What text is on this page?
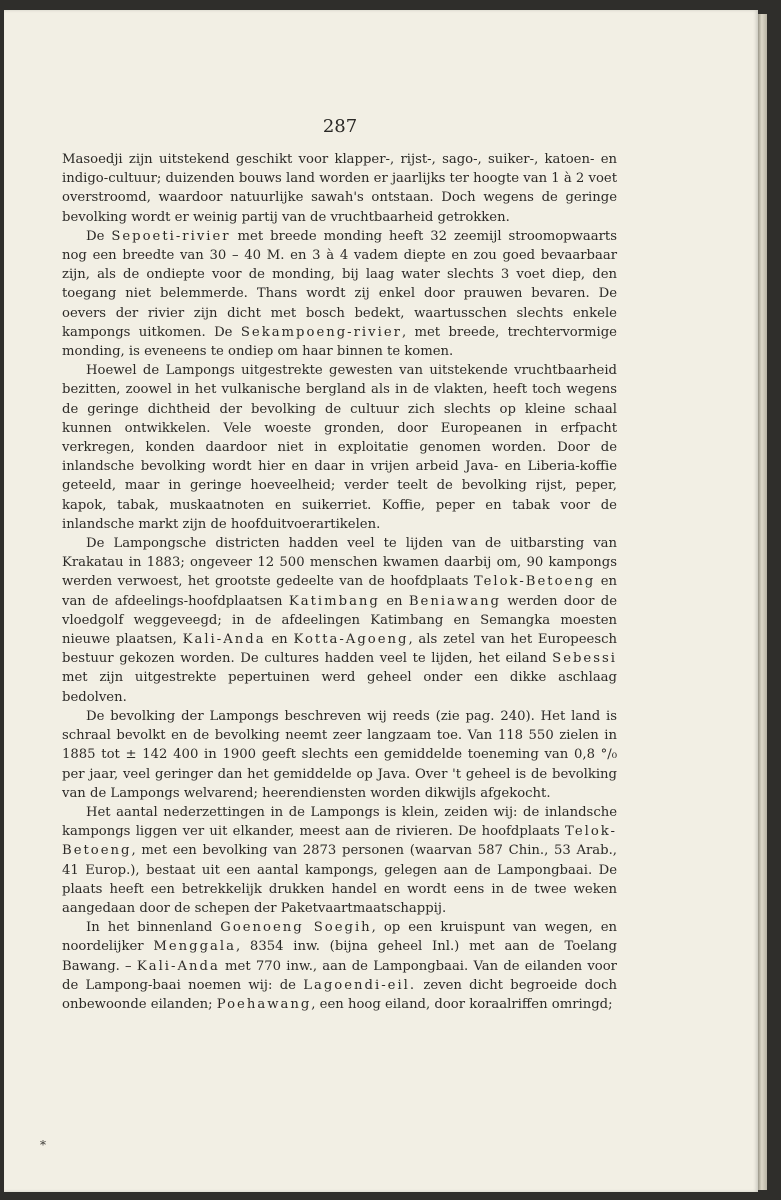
287

Masoedji zijn uitstekend geschikt voor klapper-, rijst-, sago-, suiker-, katoen- en indigo-cultuur; duizenden bouws land worden er jaarlijks ter hoogte van 1 à 2 voet overstroomd, waardoor natuurlijke sawah's ontstaan. Doch wegens de geringe bevolking wordt er weinig partij van de vruchtbaarheid getrokken.

De Sepoeti-rivier met breede monding heeft 32 zeemijl stroomopwaarts nog een breedte van 30 – 40 M. en 3 à 4 vadem diepte en zou goed bevaarbaar zijn, als de ondiepte voor de monding, bij laag water slechts 3 voet diep, den toegang niet belemmerde. Thans wordt zij enkel door prauwen bevaren. De oevers der rivier zijn dicht met bosch bedekt, waartusschen slechts enkele kampongs uitkomen. De Sekampoeng-rivier, met breede, trechtervormige monding, is eveneens te ondiep om haar binnen te komen.

Hoewel de Lampongs uitgestrekte gewesten van uitstekende vruchtbaarheid bezitten, zoowel in het vulkanische bergland als in de vlakten, heeft toch wegens de geringe dichtheid der bevolking de cultuur zich slechts op kleine schaal kunnen ontwikkelen. Vele woeste gronden, door Europeanen in erfpacht verkregen, konden daardoor niet in exploitatie genomen worden. Door de inlandsche bevolking wordt hier en daar in vrijen arbeid Java- en Liberia-koffie geteeld, maar in geringe hoeveelheid; verder teelt de bevolking rijst, peper, kapok, tabak, muskaatnoten en suikerriet. Koffie, peper en tabak voor de inlandsche markt zijn de hoofduitvoerartikelen.

De Lampongsche districten hadden veel te lijden van de uitbarsting van Krakatau in 1883; ongeveer 12 500 menschen kwamen daarbij om, 90 kampongs werden verwoest, het grootste gedeelte van de hoofdplaats Telok-Betoeng en van de afdeelings-hoofdplaatsen Katimbang en Beniawang werden door de vloedgolf weggeveegd; in de afdeelingen Katimbang en Semangka moesten nieuwe plaatsen, Kali-Anda en Kotta-Agoeng, als zetel van het Europeesch bestuur gekozen worden. De cultures hadden veel te lijden, het eiland Sebessi met zijn uitgestrekte pepertuinen werd geheel onder een dikke aschlaag bedolven.

De bevolking der Lampongs beschreven wij reeds (zie pag. 240). Het land is schraal bevolkt en de bevolking neemt zeer langzaam toe. Van 118 550 zielen in 1885 tot ± 142 400 in 1900 geeft slechts een gemiddelde toeneming van 0,8 °/₀ per jaar, veel geringer dan het gemiddelde op Java. Over 't geheel is de bevolking van de Lampongs welvarend; heerendiensten worden dikwijls afgekocht.

Het aantal nederzettingen in de Lampongs is klein, zeiden wij: de inlandsche kampongs liggen ver uit elkander, meest aan de rivieren. De hoofdplaats Telok-Betoeng, met een bevolking van 2873 personen (waarvan 587 Chin., 53 Arab., 41 Europ.), bestaat uit een aantal kampongs, gelegen aan de Lampongbaai. De plaats heeft een betrekkelijk drukken handel en wordt eens in de twee weken aangedaan door de schepen der Paketvaartmaatschappij.

In het binnenland Goenoeng Soegih, op een kruispunt van wegen, en noordelijker Menggala, 8354 inw. (bijna geheel Inl.) met aan de Toelang Bawang. – Kali-Anda met 770 inw., aan de Lampongbaai. Van de eilanden voor de Lampong-baai noemen wij: de Lagoendi-eil. zeven dicht begroeide doch onbewoonde eilanden; Poehawang, een hoog eiland, door koraalriffen omringd;

*
